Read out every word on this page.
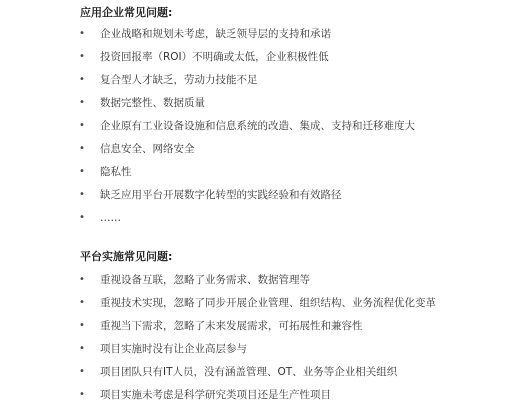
应用企业常见问题:
• 企业战略和规划未考虑，缺乏领导层的支持和承诺
• 投资回报率（ROI）不明确或太低，企业积极性低
• 复合型人才缺乏，劳动力技能不足
• 数据完整性、数据质量
• 企业原有工业设备设施和信息系统的改造、集成、支持和迁移难度大
• 信息安全、网络安全
• 隐私性
• 缺乏应用平台开展数字化转型的实践经验和有效路径
• ……
平台实施常见问题:
• 重视设备互联，忽略了业务需求、数据管理等
• 重视技术实现，忽略了同步开展企业管理、组织结构、业务流程优化变革
• 重视当下需求，忽略了未来发展需求，可拓展性和兼容性
• 项目实施时没有让企业高层参与
• 项目团队只有IT人员，没有涵盖管理、OT、业务等企业相关组织
• 项目实施未考虑是科学研究类项目还是生产性项目
